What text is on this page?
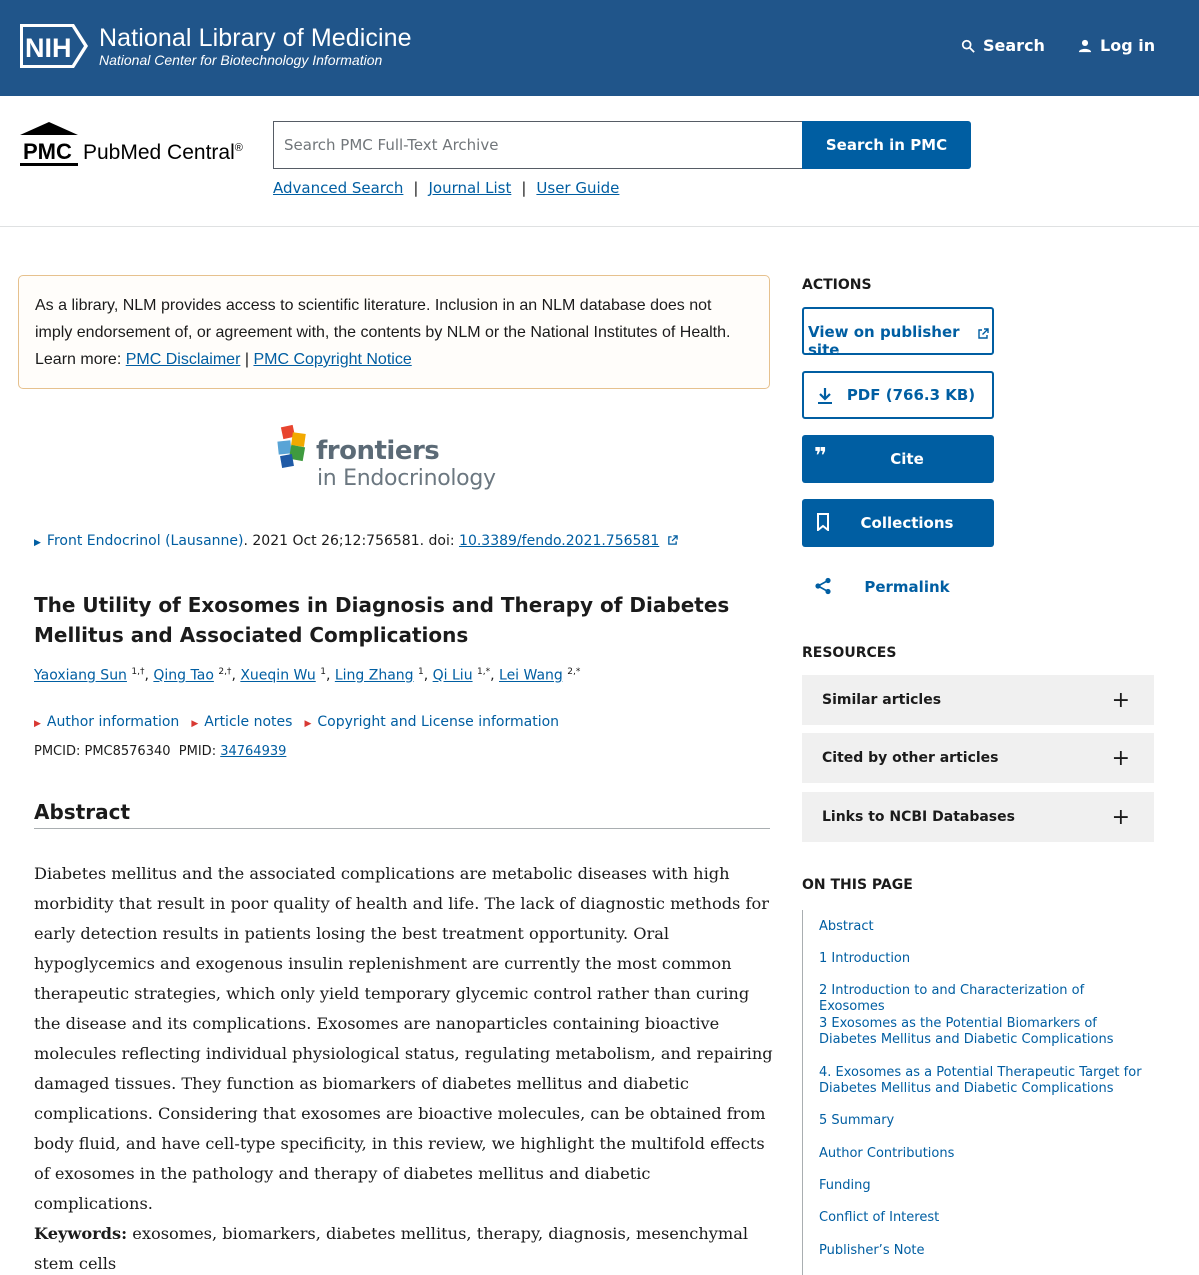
NIH National Library of Medicine
National Center for Biotechnology Information
Search	Log in
PMC PubMed Central®	Search PMC Full-Text Archive	Search in PMC
Advanced Search | Journal List | User Guide
As a library, NLM provides access to scientific literature. Inclusion in an NLM database does not imply endorsement of, or agreement with, the contents by NLM or the National Institutes of Health. Learn more: PMC Disclaimer | PMC Copyright Notice
frontiers
in Endocrinology
▶ Front Endocrinol (Lausanne). 2021 Oct 26;12:756581. doi: 10.3389/fendo.2021.756581
The Utility of Exosomes in Diagnosis and Therapy of Diabetes Mellitus and Associated Complications
Yaoxiang Sun $^{1,\dagger}$, Qing Tao $^{2,\dagger}$, Xueqin Wu $^1$, Ling Zhang $^1$, Qi Liu $^{1,*}$, Lei Wang $^{2,*}$
▶ Author information ▶ Article notes ▶ Copyright and License information
PMCID: PMC8576340 PMID: 34764939
Abstract

Diabetes mellitus and the associated complications are metabolic diseases with high morbidity that result in poor quality of health and life. The lack of diagnostic methods for early detection results in patients losing the best treatment opportunity. Oral hypoglycemics and exogenous insulin replenishment are currently the most common therapeutic strategies, which only yield temporary glycemic control rather than curing the disease and its complications. Exosomes are nanoparticles containing bioactive molecules reflecting individual physiological status, regulating metabolism, and repairing damaged tissues. They function as biomarkers of diabetes mellitus and diabetic complications. Considering that exosomes are bioactive molecules, can be obtained from body fluid, and have cell-type specificity, in this review, we highlight the multifold effects of exosomes in the pathology and therapy of diabetes mellitus and diabetic complications.

Keywords: exosomes, biomarkers, diabetes mellitus, therapy, diagnosis, mesenchymal stem cells

ACTIONS
View on publisher site
PDF (766.3 KB)
❞	Cite
Collections
Permalink
RESOURCES
Similar articles	+
Cited by other articles	+
Links to NCBI Databases	+
ON THIS PAGE
Abstract
1 Introduction
2 Introduction to and Characterization of Exosomes
3 Exosomes as the Potential Biomarkers of Diabetes Mellitus and Diabetic Complications
4. Exosomes as a Potential Therapeutic Target for Diabetes Mellitus and Diabetic Complications
5 Summary
Author Contributions
Funding
Conflict of Interest
Publisher’s Note
